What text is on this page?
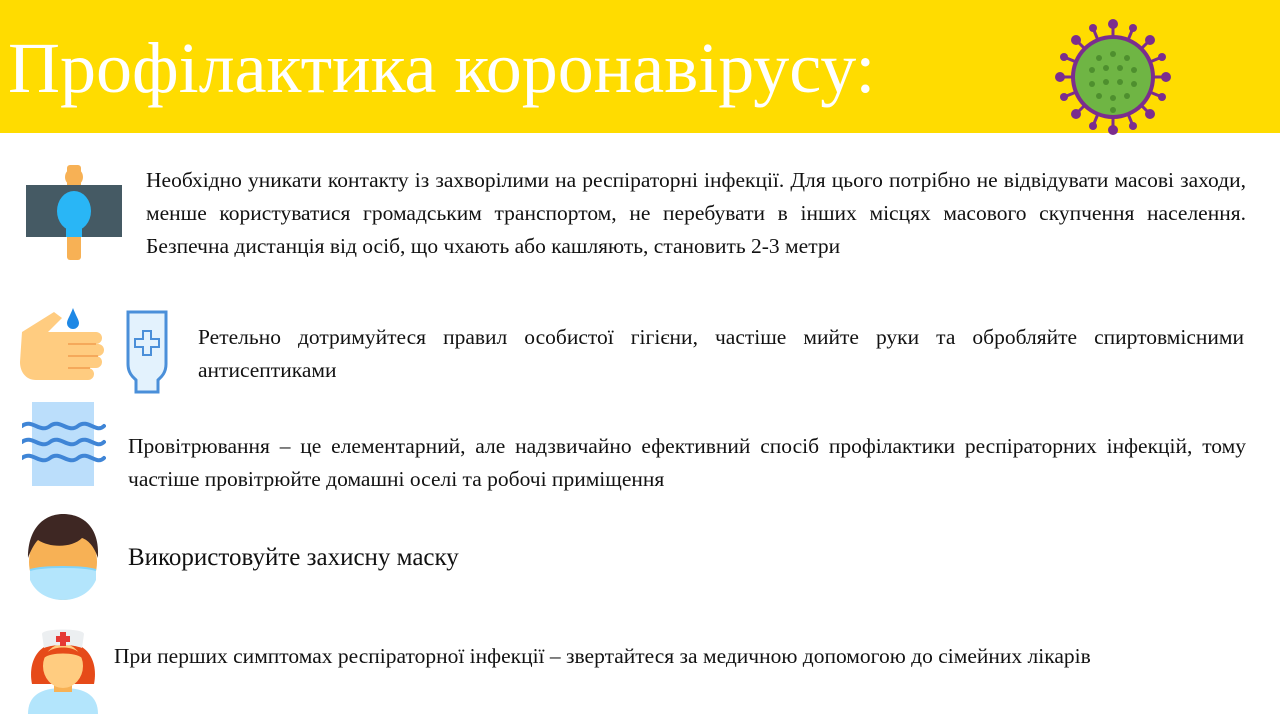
Профілактика коронавірусу:

Необхідно уникати контакту із захворілими на респіраторні інфекції. Для цього потрібно не відвідувати масові заходи, менше користуватися громадським транспортом, не перебувати в інших місцях масового скупчення населення. Безпечна дистанція від осіб, що чхають або кашляють, становить 2-3 метри

Ретельно дотримуйтеся правил особистої гігієни, частіше мийте руки та обробляйте спиртовмісними антисептиками

Провітрювання – це елементарний, але надзвичайно ефективний спосіб профілактики респіраторних інфекцій, тому частіше провітрюйте домашні оселі та робочі приміщення

Використовуйте захисну маску

При перших симптомах респіраторної інфекції – звертайтеся за медичною допомогою до сімейних лікарів
